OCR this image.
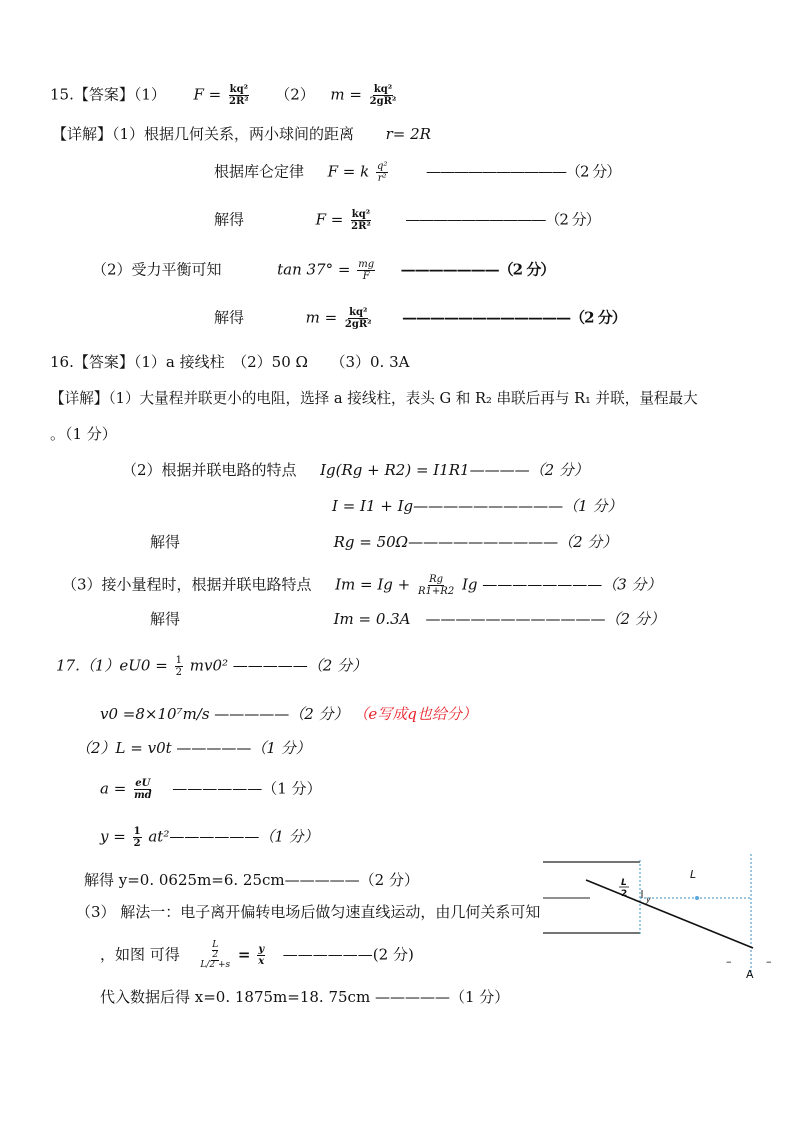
15.【答案】（1） $F = \frac{\text{kq²}}{\text{2R²}} (2) m = \frac{\text{kq²}}{\text{2gR²}}$
【详解】（1）根据几何关系，两小球间的距离 r= 2R
根据库仑定律 F = k $\frac{\text{q²}}{\text{r²}}$	——————————（2 分）
解得	$F = \frac{\text{kq²}}{\text{2R²}}$ ——————————（2 分）
（2）受力平衡可知	$\tan 37^\circ = \frac{mg}{F}$ ———————（2 分）
解得	$m = \frac{\text{kq²}}{\text{2gR²}}$ ————————————（2 分）
16.【答案】（1）a 接线柱　（2）50 Ω　　（3）0. 3A
【详解】（1）大量程并联更小的电阻，选择 a 接线柱，表头 G 和 R₂ 串联后再与 R₁ 并联，量程最大
。（1 分）
（2）根据并联电路的特点 Ig(Rg + R2) = I1R1————（2 分）
I = I1 + Ig——————————（1 分）
解得	Rg = 50Ω——————————（2 分）
（3）接小量程时，根据并联电路特点 $Im = Ig + \frac{Rg}{R1+R2}$ Ig ————————（3 分）
解得	Im = 0.3A　————————————（2 分）
$17.(1)eU0 = \frac{1}{2} mv0^2$ —————（2 分）
v0 =8×10⁷m/s —————（2 分） （e写成q也给分）
（2）L = v0t —————（1 分）
$a = \frac{eU}{md}$ ——————（1 分）
$y = \frac{1}{2}$ at²——————（1 分）
解得 y=0. 0625m=6. 25cm—————（2 分）
（3） 解法一：电子离开偏转电场后做匀速直线运动，由几何关系可知
，如图 可得 L
2
$L/2 +s = \frac{y}{x}$ ——————(2 分)
代入数据后得 x=0. 1875m=18. 75cm —————（1 分）
L
L
2
y
–	–
A
